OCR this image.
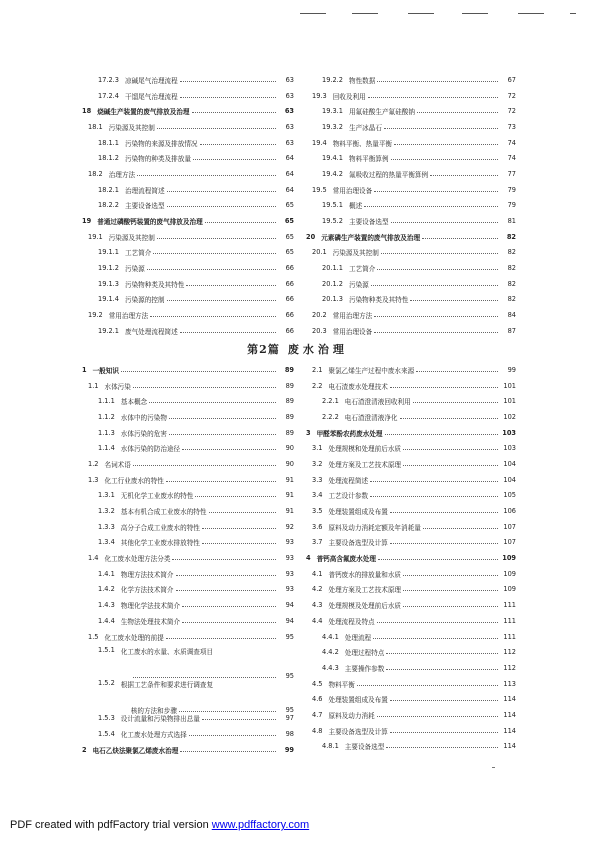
17.2.3 凉碱尾气治理流程	63
17.2.4 干馏尾气治理流程	63
18 烧碱生产装置的废气排放及治理	63
18.1 污染源及其控制	63
18.1.1 污染物的来源及排放情况	63
18.1.2 污染物的种类及排放量	64
18.2 治理方法	64
18.2.1 治理流程简述	64
18.2.2 主要设备选型	65
19 普通过磷酸钙装置的废气排放及治理	65
19.1 污染源及其控制	65
19.1.1 工艺简介	65
19.1.2 污染源	66
19.1.3 污染物种类及其特性	66
19.1.4 污染源的控制	66
19.2 常用治理方法	66
19.2.1 废气处理流程简述	66
19.2.2 物性数据	67
19.3 回收及利用	72
19.3.1 用氟硅酸生产氟硅酸钠	72
19.3.2 生产冰晶石	73
19.4 物料平衡、热量平衡	74
19.4.1 物料平衡算例	74
19.4.2 氟吸收过程的热量平衡算例	77
19.5 常用治理设备	79
19.5.1 概述	79
19.5.2 主要设备选型	81
20 元素磷生产装置的废气排放及治理	82
20.1 污染源及其控制	82
20.1.1 工艺简介	82
20.1.2 污染源	82
20.1.3 污染物种类及其特性	82
20.2 常用治理方法	84
20.3 常用治理设备	87
第2篇 废水治理
1 一般知识	89
1.1 水体污染	89
1.1.1 基本概念	89
1.1.2 水体中的污染物	89
1.1.3 水体污染的危害	89
1.1.4 水体污染的防治途径	90
1.2 名词术语	90
1.3 化工行业废水的特性	91
1.3.1 无机化学工业废水的特性	91
1.3.2 基本有机合成工业废水的特性	91
1.3.3 高分子合成工业废水的特性	92
1.3.4 其他化学工业废水排放特性	93
1.4 化工废水处理方法分类	93
1.4.1 物理方法技术简介	93
1.4.2 化学方法技术简介	93
1.4.3 物理化学法技术简介	94
1.4.4 生物法处理技术简介	94
1.5 化工废水处理的前提	95
1.5.1 化工废水的水量、水质调查项目
95
1.5.2 根据工艺条件和要求进行调查复
核的方法和步骤	95
1.5.3 设计流量和污染物排出总量	97
1.5.4 化工废水处理方式选择	98
2 电石乙炔法聚氯乙烯废水治理	99
2.1 聚氯乙烯生产过程中废水来源	99
2.2 电石渣废水处理技术	101
2.2.1 电石渣澄清液回收利用	101
2.2.2 电石渣澄清液净化	102
3 甲醛苯酚农药废水处理	103
3.1 处理规模和处理前后水质	103
3.2 处理方案及工艺技术原理	104
3.3 处理流程简述	104
3.4 工艺设计参数	105
3.5 处理装置组成及布置	106
3.6 原料及动力消耗定额及年消耗量	107
3.7 主要设备选型及计算	107
4 普钙高含氟废水处理	109
4.1 普钙废水的排放量和水质	109
4.2 处理方案及工艺技术原理	109
4.3 处理规模及处理前后水质	111
4.4 处理流程及特点	111
4.4.1 处理流程	111
4.4.2 处理过程特点	112
4.4.3 主要操作参数	112
4.5 物料平衡	113
4.6 处理装置组成及布置	114
4.7 原料及动力消耗	114
4.8 主要设备选型及计算	114
4.8.1 主要设备选型	114
PDF created with pdfFactory trial version www.pdffactory.com
